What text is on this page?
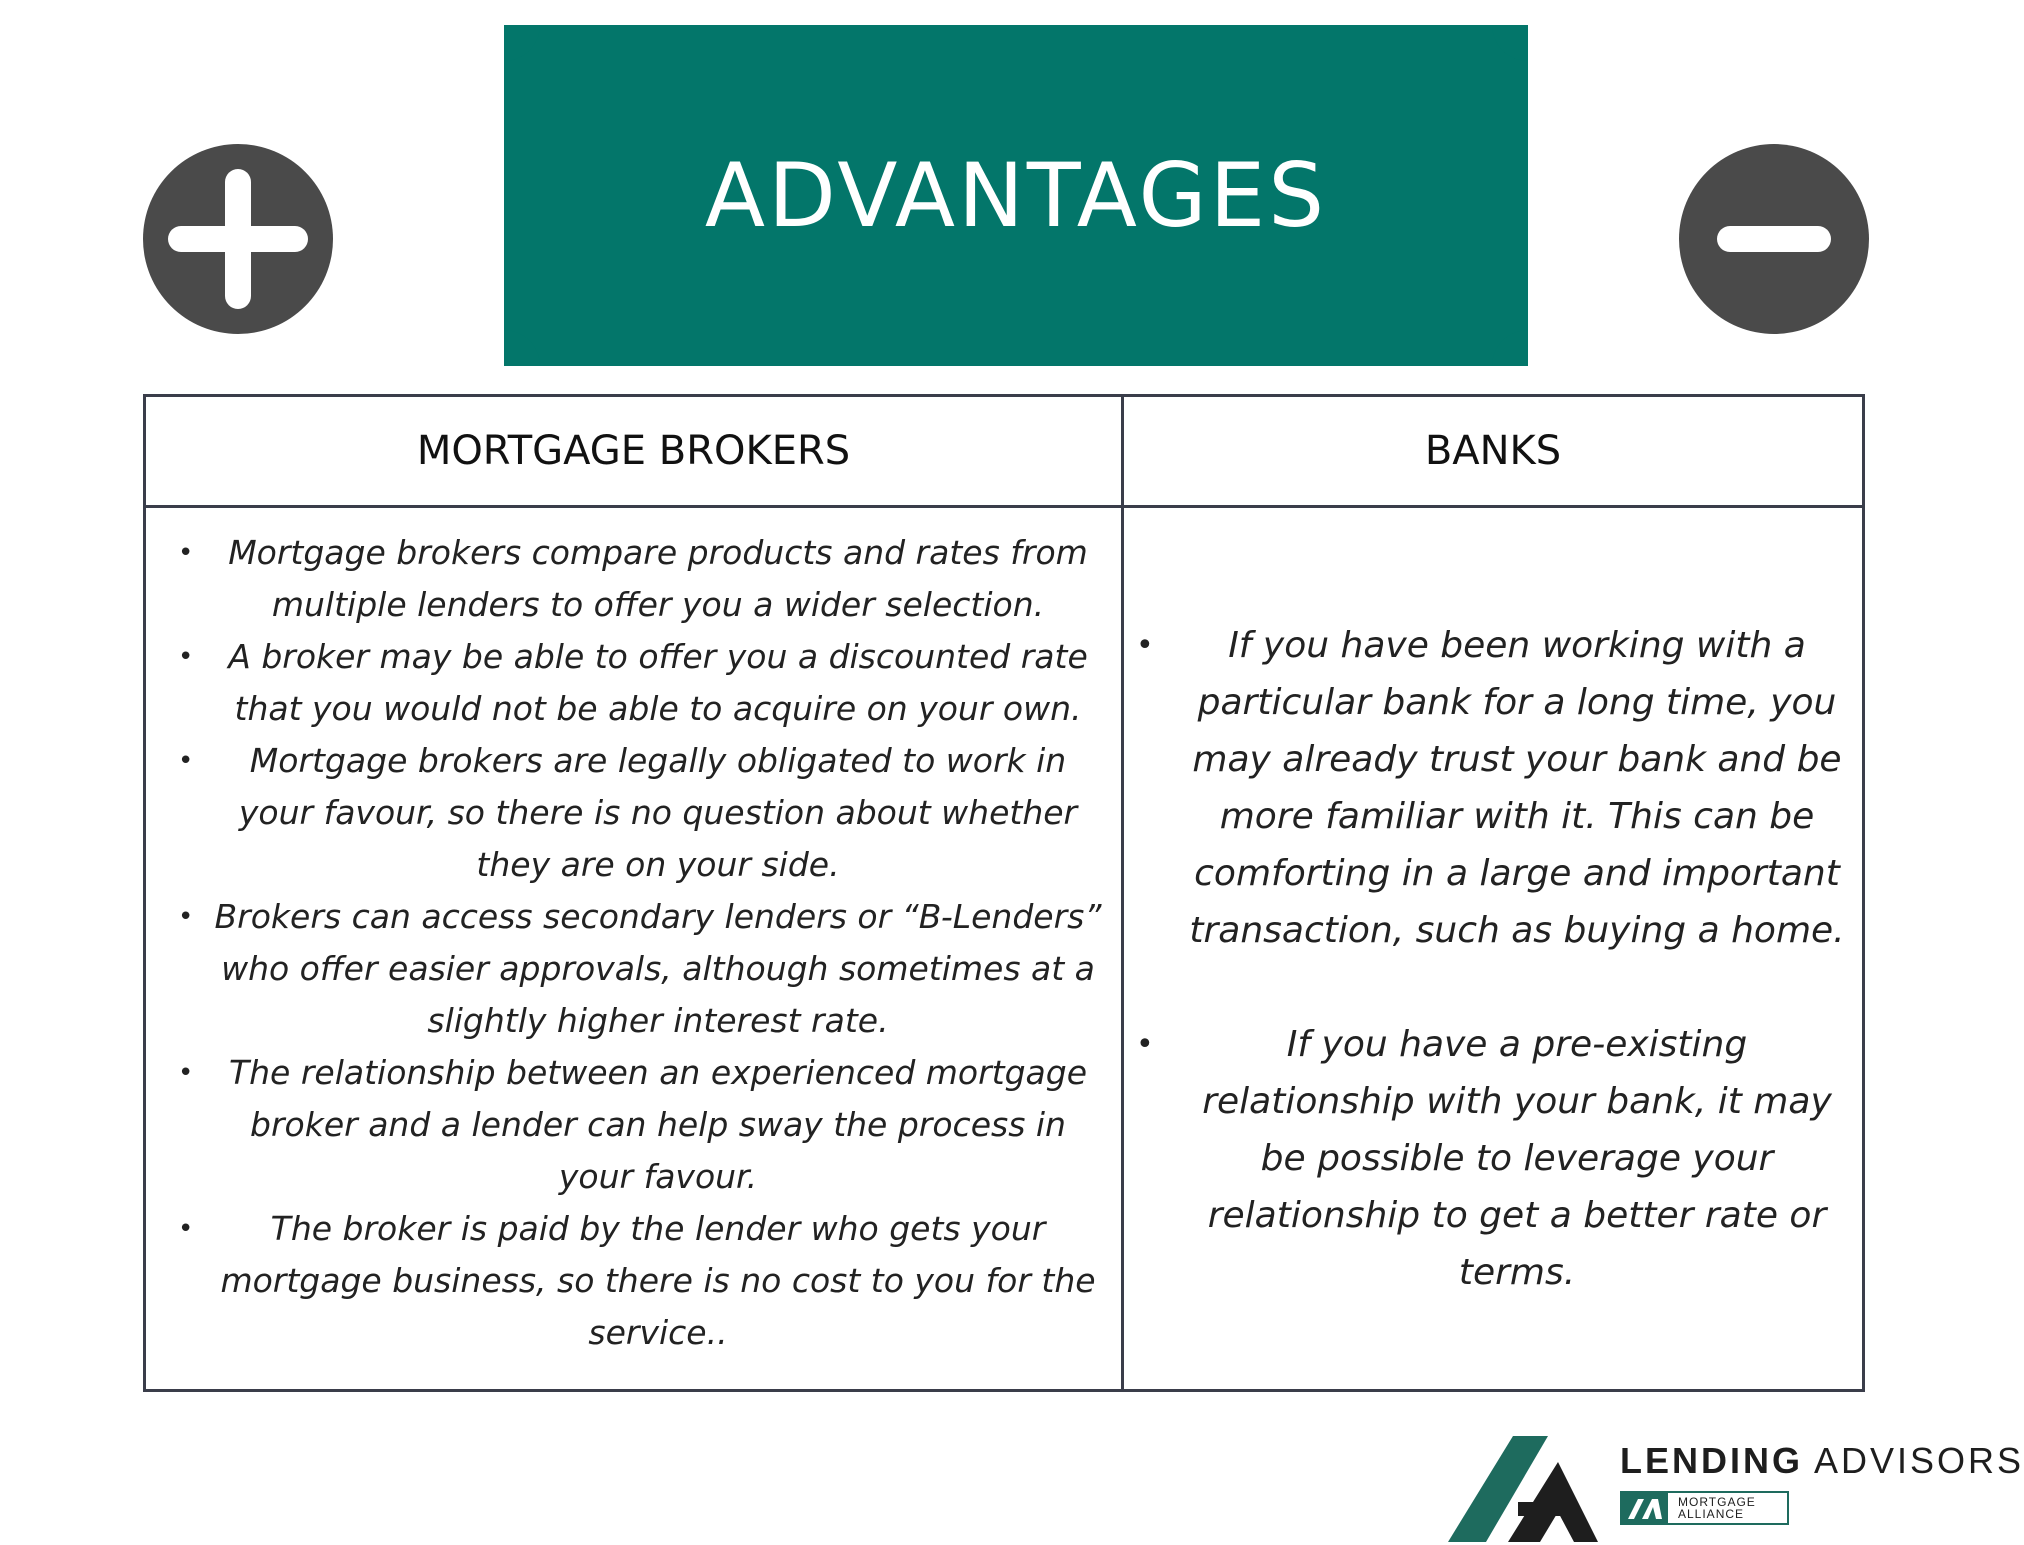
ADVANTAGES
MORTGAGE BROKERS	BANKS
• Mortgage brokers compare products and rates from multiple lenders to offer you a wider selection.
• A broker may be able to offer you a discounted rate that you would not be able to acquire on your own.
• Mortgage brokers are legally obligated to work in your favour, so there is no question about whether they are on your side.
• Brokers can access secondary lenders or “B-Lenders” who offer easier approvals, although sometimes at a slightly higher interest rate.
• The relationship between an experienced mortgage broker and a lender can help sway the process in your favour.
• The broker is paid by the lender who gets your mortgage business, so there is no cost to you for the service..
• If you have been working with a particular bank for a long time, you may already trust your bank and be more familiar with it. This can be comforting in a large and important transaction, such as buying a home.
•	If you have a pre-existing relationship with your bank, it may be possible to leverage your relationship to get a better rate or terms.
LENDING ADVISORS
MORTGAGE
ALLIANCE
